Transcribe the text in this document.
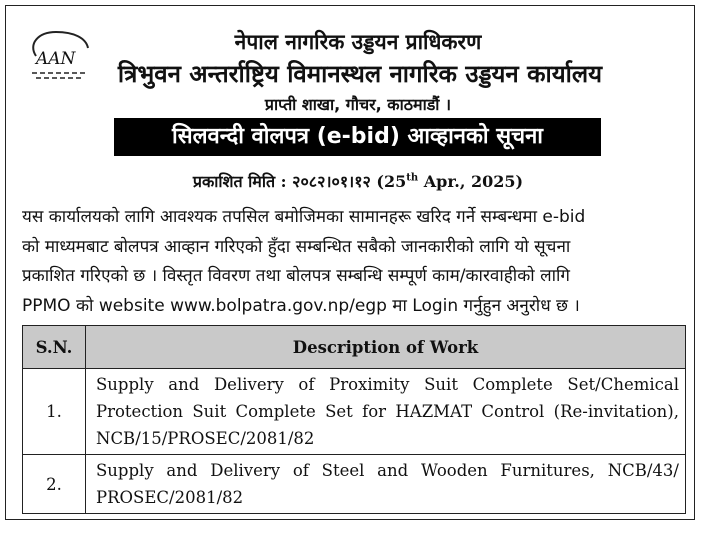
AAN
नेपाल नागरिक उड्डयन प्राधिकरण
त्रिभुवन अन्तर्राष्ट्रिय विमानस्थल नागरिक उड्डयन कार्यालय
प्राप्ती शाखा, गौचर, काठमाडौं ।
सिलवन्दी वोलपत्र (e-bid) आव्हानको सूचना
प्रकाशित मिति : २०८२।०१।१२ (25th Apr., 2025)
यस कार्यालयको लागि आवश्यक तपसिल बमोजिमका सामानहरू खरिद गर्ने सम्बन्धमा e-bid
को माध्यमबाट बोलपत्र आव्हान गरिएको हुँदा सम्बन्धित सबैको जानकारीको लागि यो सूचना
प्रकाशित गरिएको छ । विस्तृत विवरण तथा बोलपत्र सम्बन्धि सम्पूर्ण काम/कारवाहीको लागि
PPMO को website www.bolpatra.gov.np/egp मा Login गर्नुहुन अनुरोध छ ।
S.N.	Description of Work
1.	Supply and Delivery of Proximity Suit Complete Set/Chemical Protection Suit Complete Set for HAZMAT Control (Re-invitation), NCB/15/PROSEC/2081/82
2.	Supply and Delivery of Steel and Wooden Furnitures, NCB/43/ PROSEC/2081/82
